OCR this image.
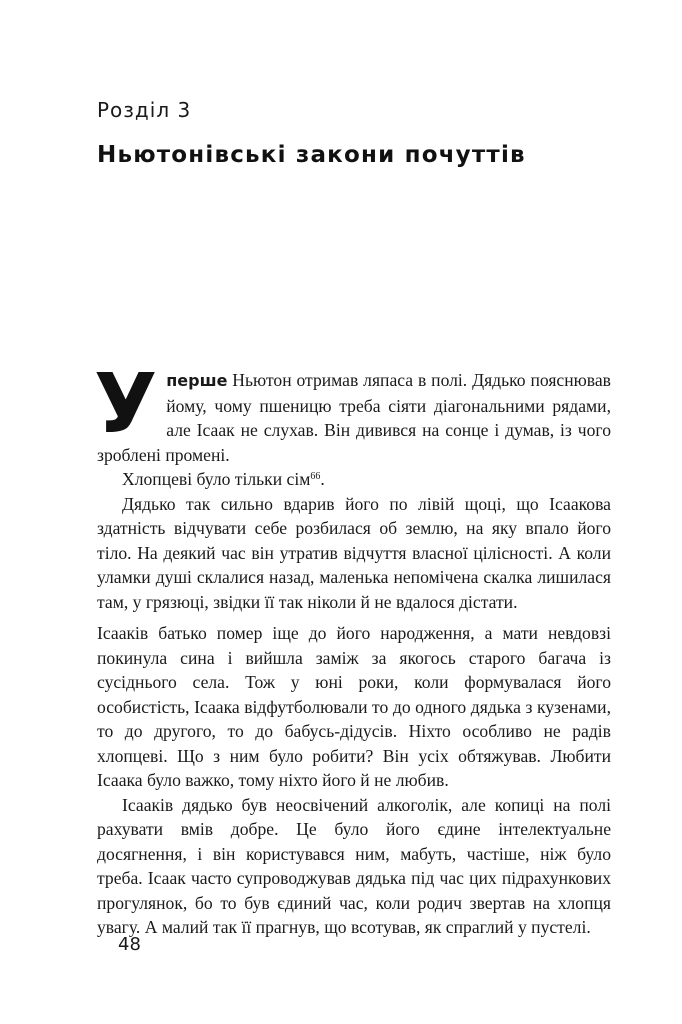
Розділ 3
Ньютонівські закони почуттів

Уперше Ньютон отримав ляпаса в полі. Дядько пояснював йому, чому пшеницю треба сіяти діагональними рядами, але Ісаак не слухав. Він дивився на сонце і думав, із чого зроблені промені.

Хлопцеві було тільки сім$^{66}$.

Дядько так сильно вдарив його по лівій щоці, що Ісаакова здатність відчувати себе розбилася об землю, на яку впало його тіло. На деякий час він утратив відчуття власної цілісності. А коли уламки душі склалися назад, маленька непомічена скалка лишилася там, у грязюці, звідки її так ніколи й не вдалося дістати.

Ісааків батько помер іще до його народження, а мати невдовзі покинула сина і вийшла заміж за якогось старого багача із сусіднього села. Тож у юні роки, коли формувалася його особистість, Ісаака відфутболювали то до одного дядька з кузенами, то до другого, то до бабусь-дідусів. Ніхто особливо не радів хлопцеві. Що з ним було робити? Він усіх обтяжував. Любити Ісаака було важко, тому ніхто його й не любив.

Ісааків дядько був неосвічений алкоголік, але копиці на полі рахувати вмів добре. Це було його єдине інтелектуальне досягнення, і він користувався ним, мабуть, частіше, ніж було треба. Ісаак часто супроводжував дядька під час цих підрахункових прогулянок, бо то був єдиний час, коли родич звертав на хлопця увагу. А малий так її прагнув, що всотував, як спраглий у пустелі.

48
